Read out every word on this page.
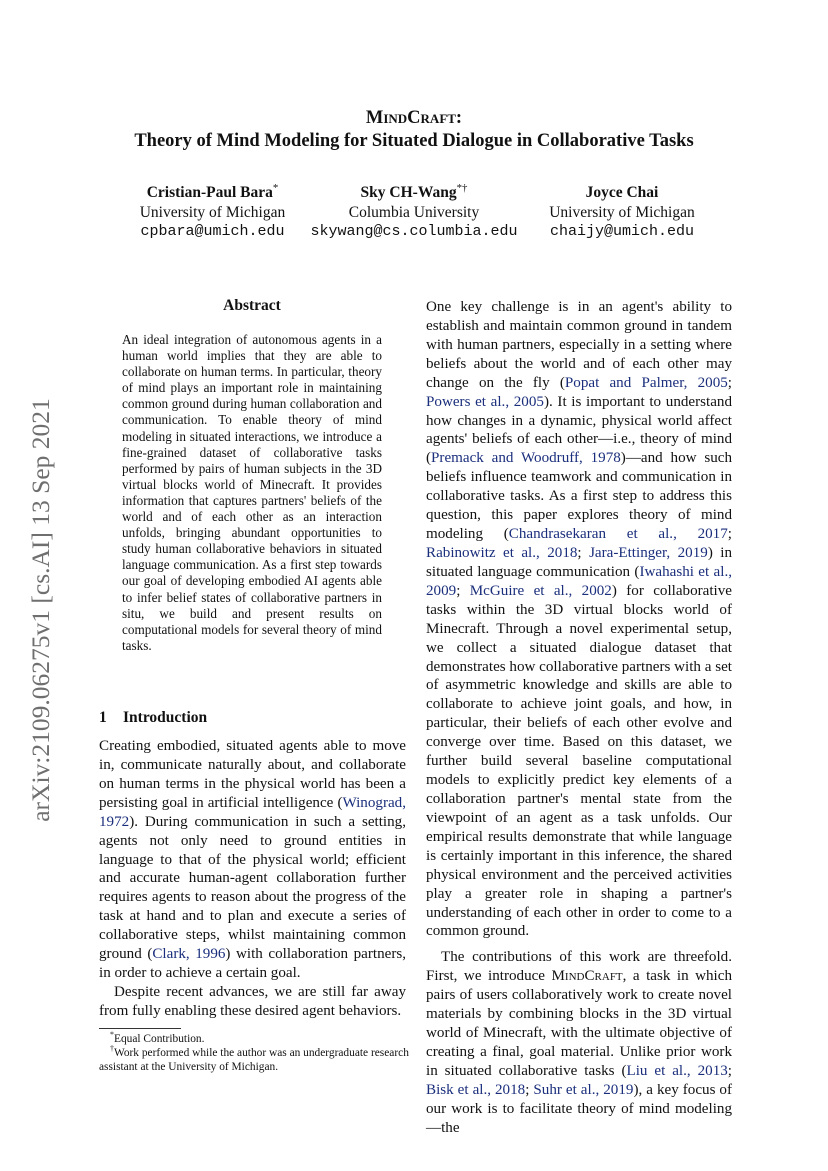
arXiv:2109.06275v1 [cs.AI] 13 Sep 2021
MindCraft:
Theory of Mind Modeling for Situated Dialogue in Collaborative Tasks
Cristian-Paul Bara*
University of Michigan
cpbara@umich.edu
Sky CH-Wang*†
Columbia University
skywang@cs.columbia.edu
Joyce Chai
University of Michigan
chaijy@umich.edu
Abstract
An ideal integration of autonomous agents in a human world implies that they are able to collaborate on human terms. In particular, theory of mind plays an important role in maintaining common ground during human collaboration and communication. To enable theory of mind modeling in situated interactions, we introduce a fine-grained dataset of collaborative tasks performed by pairs of human subjects in the 3D virtual blocks world of Minecraft. It provides information that captures partners' beliefs of the world and of each other as an interaction unfolds, bringing abundant opportunities to study human collaborative behaviors in situated language communication. As a first step towards our goal of developing embodied AI agents able to infer belief states of collaborative partners in situ, we build and present results on computational models for several theory of mind tasks.
1 Introduction

Creating embodied, situated agents able to move in, communicate naturally about, and collaborate on human terms in the physical world has been a persisting goal in artificial intelligence (Winograd, 1972). During communication in such a setting, agents not only need to ground entities in language to that of the physical world; efficient and accurate human-agent collaboration further requires agents to reason about the progress of the task at hand and to plan and execute a series of collaborative steps, whilst maintaining common ground (Clark, 1996) with collaboration partners, in order to achieve a certain goal.

Despite recent advances, we are still far away from fully enabling these desired agent behaviors.

One key challenge is in an agent's ability to establish and maintain common ground in tandem with human partners, especially in a setting where beliefs about the world and of each other may change on the fly (Popat and Palmer, 2005; Powers et al., 2005). It is important to understand how changes in a dynamic, physical world affect agents' beliefs of each other—i.e., theory of mind (Premack and Woodruff, 1978)—and how such beliefs influence teamwork and communication in collaborative tasks. As a first step to address this question, this paper explores theory of mind modeling (Chandrasekaran et al., 2017; Rabinowitz et al., 2018; Jara-Ettinger, 2019) in situated language communication (Iwahashi et al., 2009; McGuire et al., 2002) for collaborative tasks within the 3D virtual blocks world of Minecraft. Through a novel experimental setup, we collect a situated dialogue dataset that demonstrates how collaborative partners with a set of asymmetric knowledge and skills are able to collaborate to achieve joint goals, and how, in particular, their beliefs of each other evolve and converge over time. Based on this dataset, we further build several baseline computational models to explicitly predict key elements of a collaboration partner's mental state from the viewpoint of an agent as a task unfolds. Our empirical results demonstrate that while language is certainly important in this inference, the shared physical environment and the perceived activities play a greater role in shaping a partner's understanding of each other in order to come to a common ground.

The contributions of this work are threefold. First, we introduce MindCraft, a task in which pairs of users collaboratively work to create novel materials by combining blocks in the 3D virtual world of Minecraft, with the ultimate objective of creating a final, goal material. Unlike prior work in situated collaborative tasks (Liu et al., 2013; Bisk et al., 2018; Suhr et al., 2019), a key focus of our work is to facilitate theory of mind modeling—the

*Equal Contribution.
†Work performed while the author was an undergraduate research assistant at the University of Michigan.
